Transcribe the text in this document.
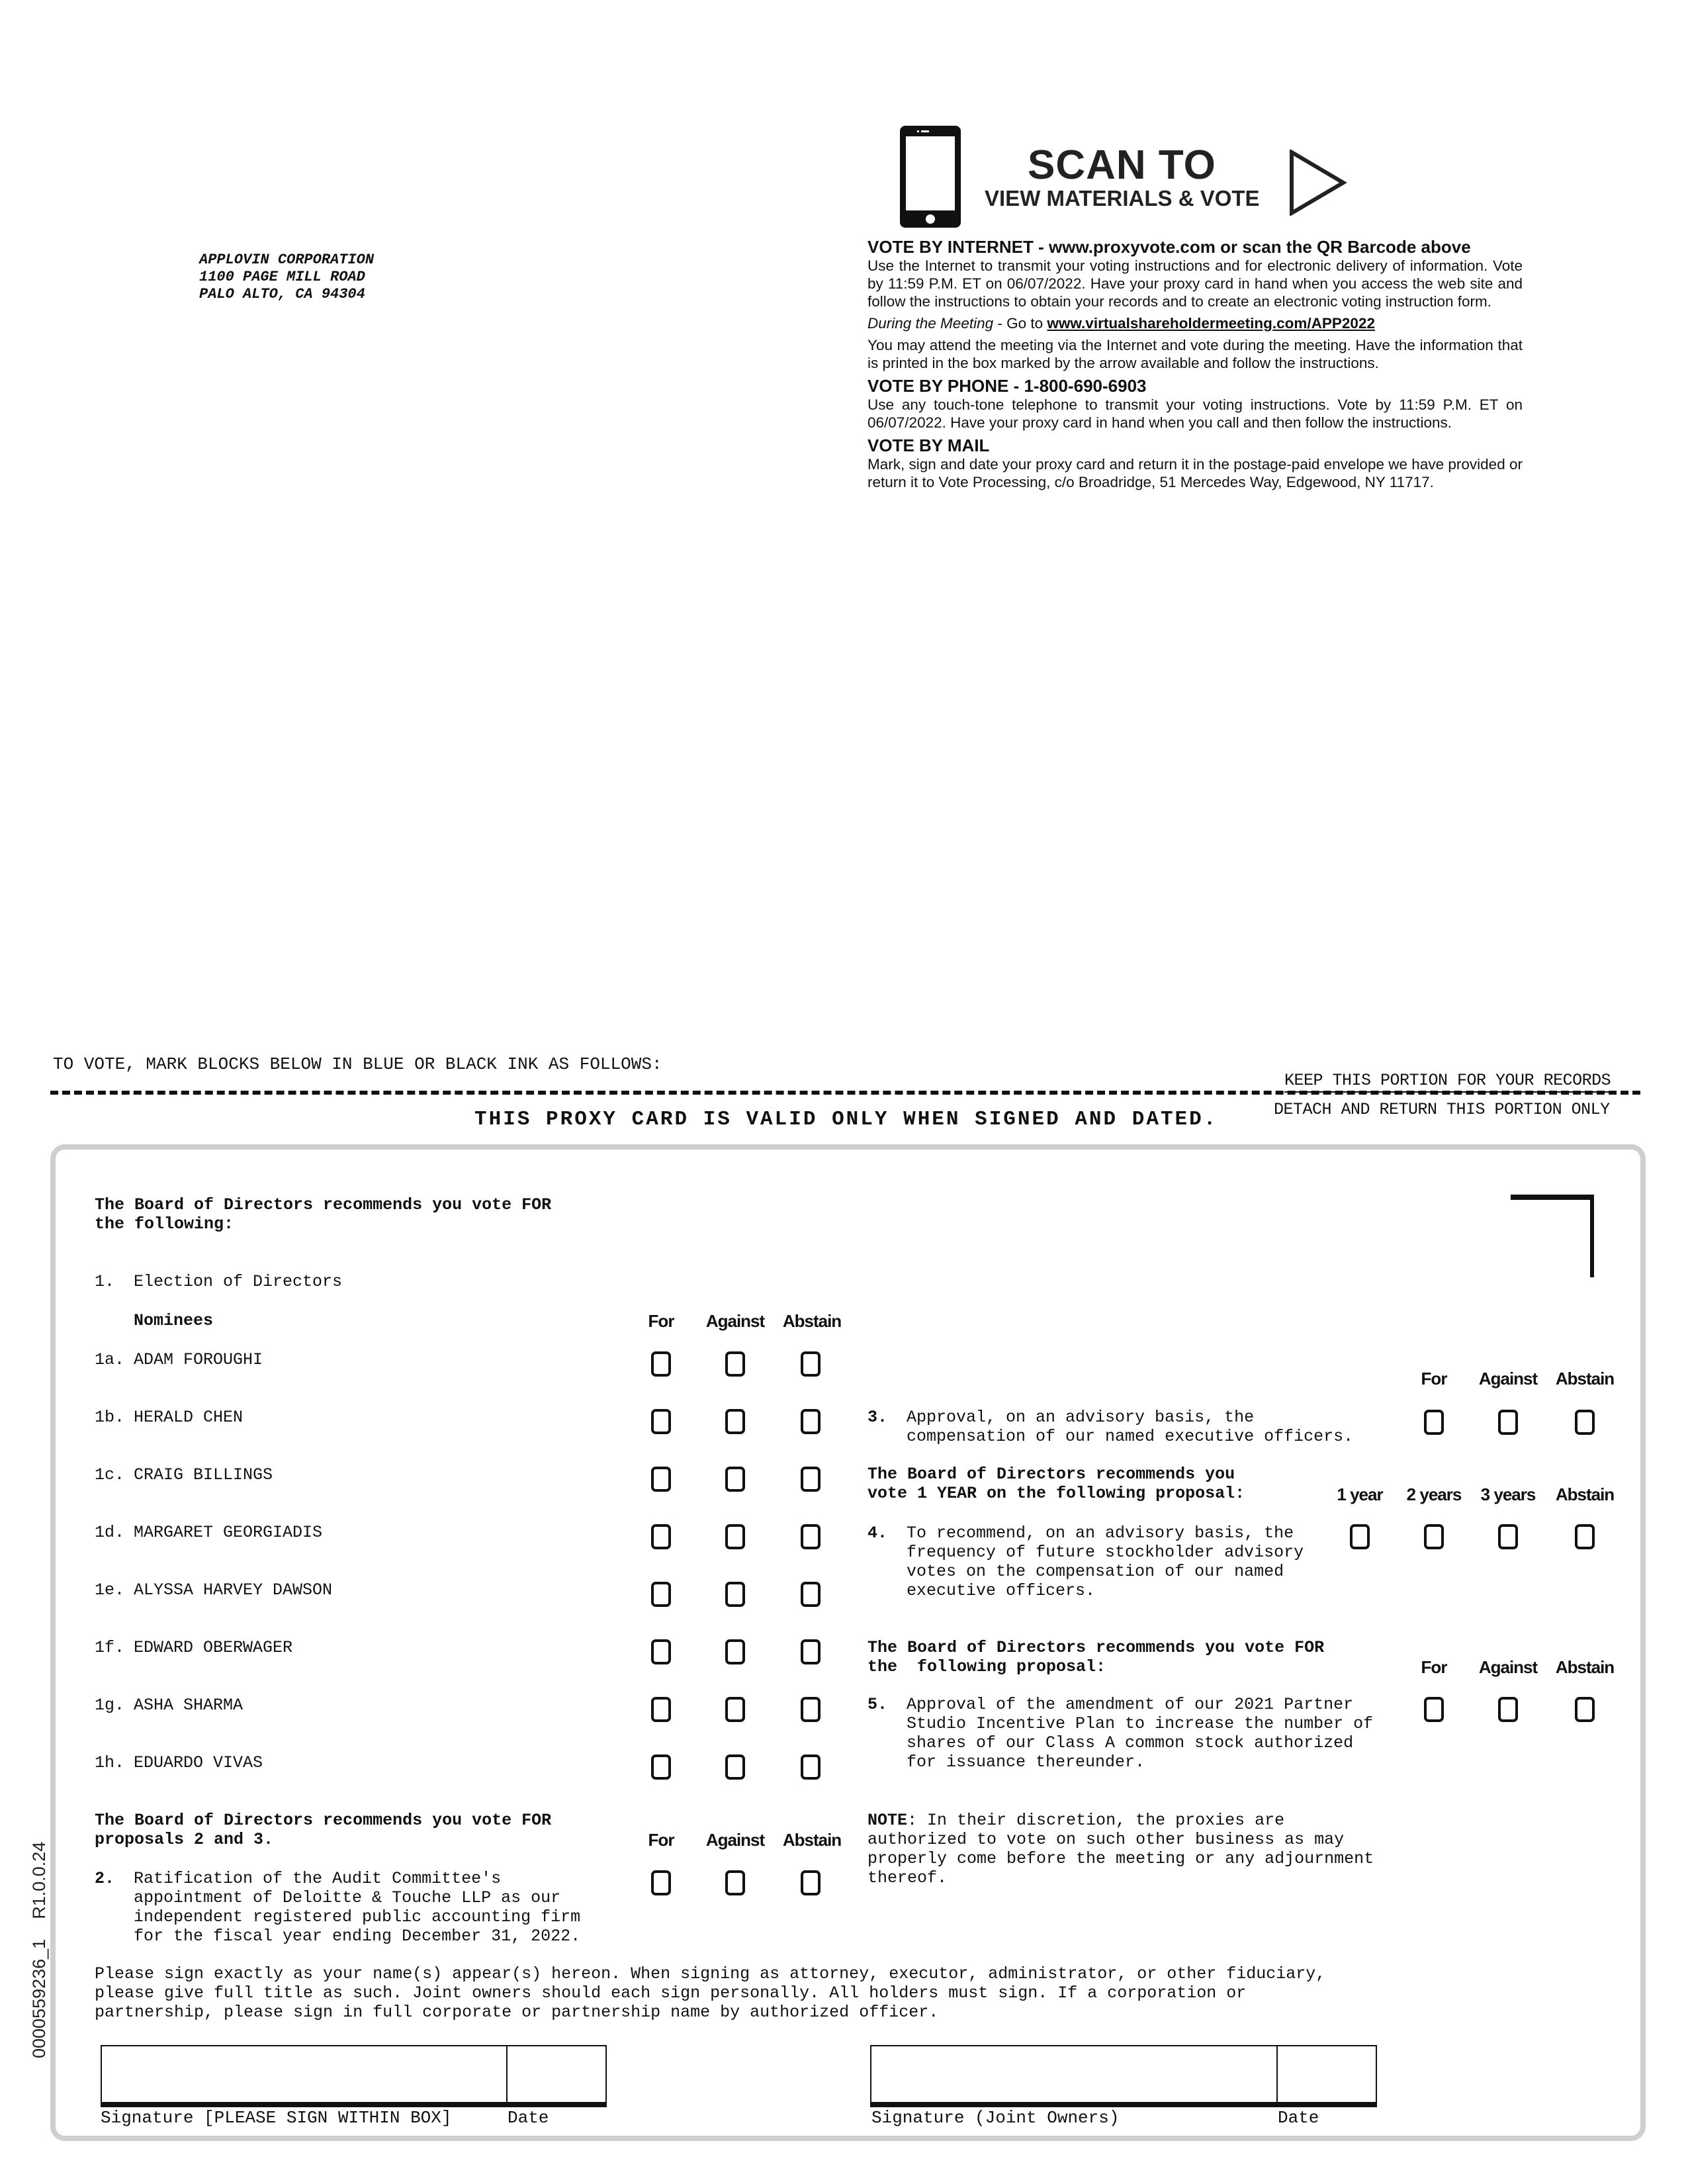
APPLOVIN CORPORATION
1100 PAGE MILL ROAD
PALO ALTO, CA 94304
SCAN TO
VIEW MATERIALS & VOTE
VOTE BY INTERNET - www.proxyvote.com or scan the QR Barcode above

Use the Internet to transmit your voting instructions and for electronic delivery of information. Vote by 11:59 P.M. ET on 06/07/2022. Have your proxy card in hand when you access the web site and follow the instructions to obtain your records and to create an electronic voting instruction form.

During the Meeting - Go to www.virtualshareholdermeeting.com/APP2022

You may attend the meeting via the Internet and vote during the meeting. Have the information that is printed in the box marked by the arrow available and follow the instructions.

VOTE BY PHONE - 1-800-690-6903

Use any touch-tone telephone to transmit your voting instructions. Vote by 11:59 P.M. ET on 06/07/2022. Have your proxy card in hand when you call and then follow the instructions.

VOTE BY MAIL

Mark, sign and date your proxy card and return it in the postage-paid envelope we have provided or return it to Vote Processing, c/o Broadridge, 51 Mercedes Way, Edgewood, NY 11717.

TO VOTE, MARK BLOCKS BELOW IN BLUE OR BLACK INK AS FOLLOWS:
KEEP THIS PORTION FOR YOUR RECORDS
DETACH AND RETURN THIS PORTION ONLY
THIS PROXY CARD IS VALID ONLY WHEN SIGNED AND DATED.
The Board of Directors recommends you vote FOR
the following:
1. Election of Directors
Nominees	For Against Abstain
1a. ADAM FOROUGHI
1b. HERALD CHEN
1c. CRAIG BILLINGS
1d. MARGARET GEORGIADIS
1e. ALYSSA HARVEY DAWSON
1f. EDWARD OBERWAGER
1g. ASHA SHARMA
1h. EDUARDO VIVAS
The Board of Directors recommends you vote FOR
proposals 2 and 3.	For Against Abstain
2. Ratification of the Audit Committee's
appointment of Deloitte & Touche LLP as our
independent registered public accounting firm
for the fiscal year ending December 31, 2022.
For Against Abstain
3. Approval, on an advisory basis, the
compensation of our named executive officers.
The Board of Directors recommends you
vote 1 YEAR on the following proposal:	1 year 2 years 3 years Abstain
4. To recommend, on an advisory basis, the
frequency of future stockholder advisory
votes on the compensation of our named
executive officers.
The Board of Directors recommends you vote FOR
the  following proposal:	For Against Abstain
5. Approval of the amendment of our 2021 Partner
Studio Incentive Plan to increase the number of
shares of our Class A common stock authorized
for issuance thereunder.
NOTE: In their discretion, the proxies are
authorized to vote on such other business as may
properly come before the meeting or any adjournment
thereof.
Please sign exactly as your name(s) appear(s) hereon. When signing as attorney, executor, administrator, or other fiduciary,
please give full title as such. Joint owners should each sign personally. All holders must sign. If a corporation or
partnership, please sign in full corporate or partnership name by authorized officer.
Signature [PLEASE SIGN WITHIN BOX]	Date	Signature (Joint Owners)	Date
0000559236_1    R1.0.0.24
